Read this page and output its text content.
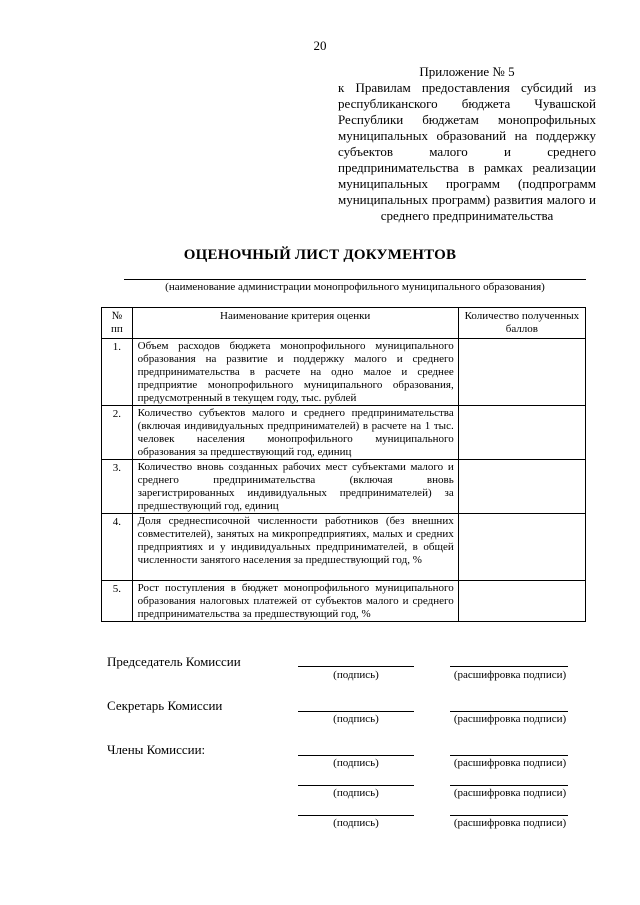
20
Приложение № 5
к Правилам предоставления субсидий из республиканского бюджета Чувашской Республики бюджетам монопрофильных муниципальных образований на поддержку субъектов малого и среднего предпринимательства в рамках реализации муниципальных программ (подпрограмм муниципальных программ) развития малого и среднего предпринимательства
ОЦЕНОЧНЫЙ ЛИСТ ДОКУМЕНТОВ
(наименование администрации монопрофильного муниципального образования)
№ пп	Наименование критерия оценки	Количество полученных баллов
1.	Объем расходов бюджета монопрофильного муниципального образования на развитие и поддержку малого и среднего предпринимательства в расчете на одно малое и среднее предприятие монопрофильного муниципального образования, предусмотренный в текущем году, тыс. рублей	
2.	Количество субъектов малого и среднего предпринимательства (включая индивидуальных предпринимателей) в расчете на 1 тыс. человек населения монопрофильного муниципального образования за предшествующий год, единиц	
3.	Количество вновь созданных рабочих мест субъектами малого и среднего предпринимательства (включая вновь зарегистрированных индивидуальных предпринимателей) за предшествующий год, единиц	
4.	Доля среднесписочной численности работников (без внешних совместителей), занятых на микропредприятиях, малых и средних предприятиях и у индивидуальных предпринимателей, в общей численности занятого населения за предшествующий год, %	
5.	Рост поступления в бюджет монопрофильного муниципального образования налоговых платежей от субъектов малого и среднего предпринимательства за предшествующий год, %	
Председатель Комиссии
(подпись)	(расшифровка подписи)
Секретарь Комиссии
(подпись)	(расшифровка подписи)
Члены Комиссии:
(подпись)	(расшифровка подписи)
(подпись)	(расшифровка подписи)
(подпись)	(расшифровка подписи)
